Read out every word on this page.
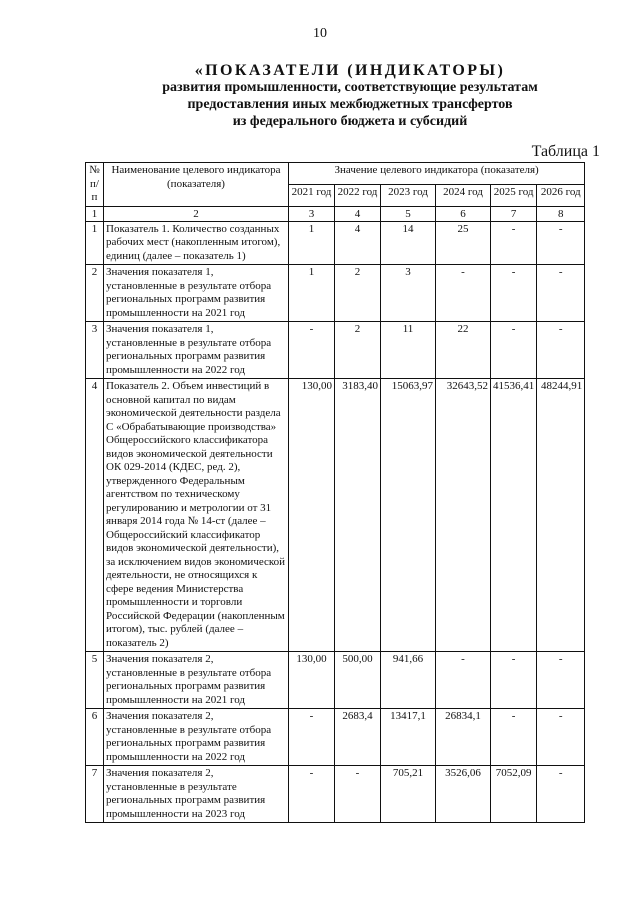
10
«ПОКАЗАТЕЛИ (ИНДИКАТОРЫ)
развития промышленности, соответствующие результатам
предоставления иных межбюджетных трансфертов
из федерального бюджета и субсидий
Таблица 1
№ п/п	Наименование целевого индикатора (показателя)	Значение целевого индикатора (показателя)					
		2021 год	2022 год	2023 год	2024 год	2025 год	2026 год
1	2	3	4	5	6	7	8
1	Показатель 1. Количество созданных рабочих мест (накопленным итогом), единиц (далее – показатель 1)	1	4	14	25	-	-
2	Значения показателя 1, установленные в результате отбора региональных программ развития промышленности на 2021 год	1	2	3	-	-	-
3	Значения показателя 1, установленные в результате отбора региональных программ развития промышленности на 2022 год	-	2	11	22	-	-
4	Показатель 2. Объем инвестиций в основной капитал по видам экономической деятельности раздела С «Обрабатывающие производства» Общероссийского классификатора видов экономической деятельности ОК 029-2014 (КДЕС, ред. 2), утвержденного Федеральным агентством по техническому регулированию и метрологии от 31 января 2014 года № 14-ст (далее – Общероссийский классификатор видов экономической деятельности), за исключением видов экономической деятельности, не относящихся к сфере ведения Министерства промышленности и торговли Российской Федерации (накопленным итогом), тыс. рублей (далее – показатель 2)	130,00	3183,40	15063,97	32643,52	41536,41	48244,91
5	Значения показателя 2, установленные в результате отбора региональных программ развития промышленности на 2021 год	130,00	500,00	941,66	-	-	-
6	Значения показателя 2, установленные в результате отбора региональных программ развития промышленности на 2022 год	-	2683,4	13417,1	26834,1	-	-
7	Значения показателя 2, установленные в результате региональных программ развития промышленности на 2023 год	-	-	705,21	3526,06	7052,09	-
